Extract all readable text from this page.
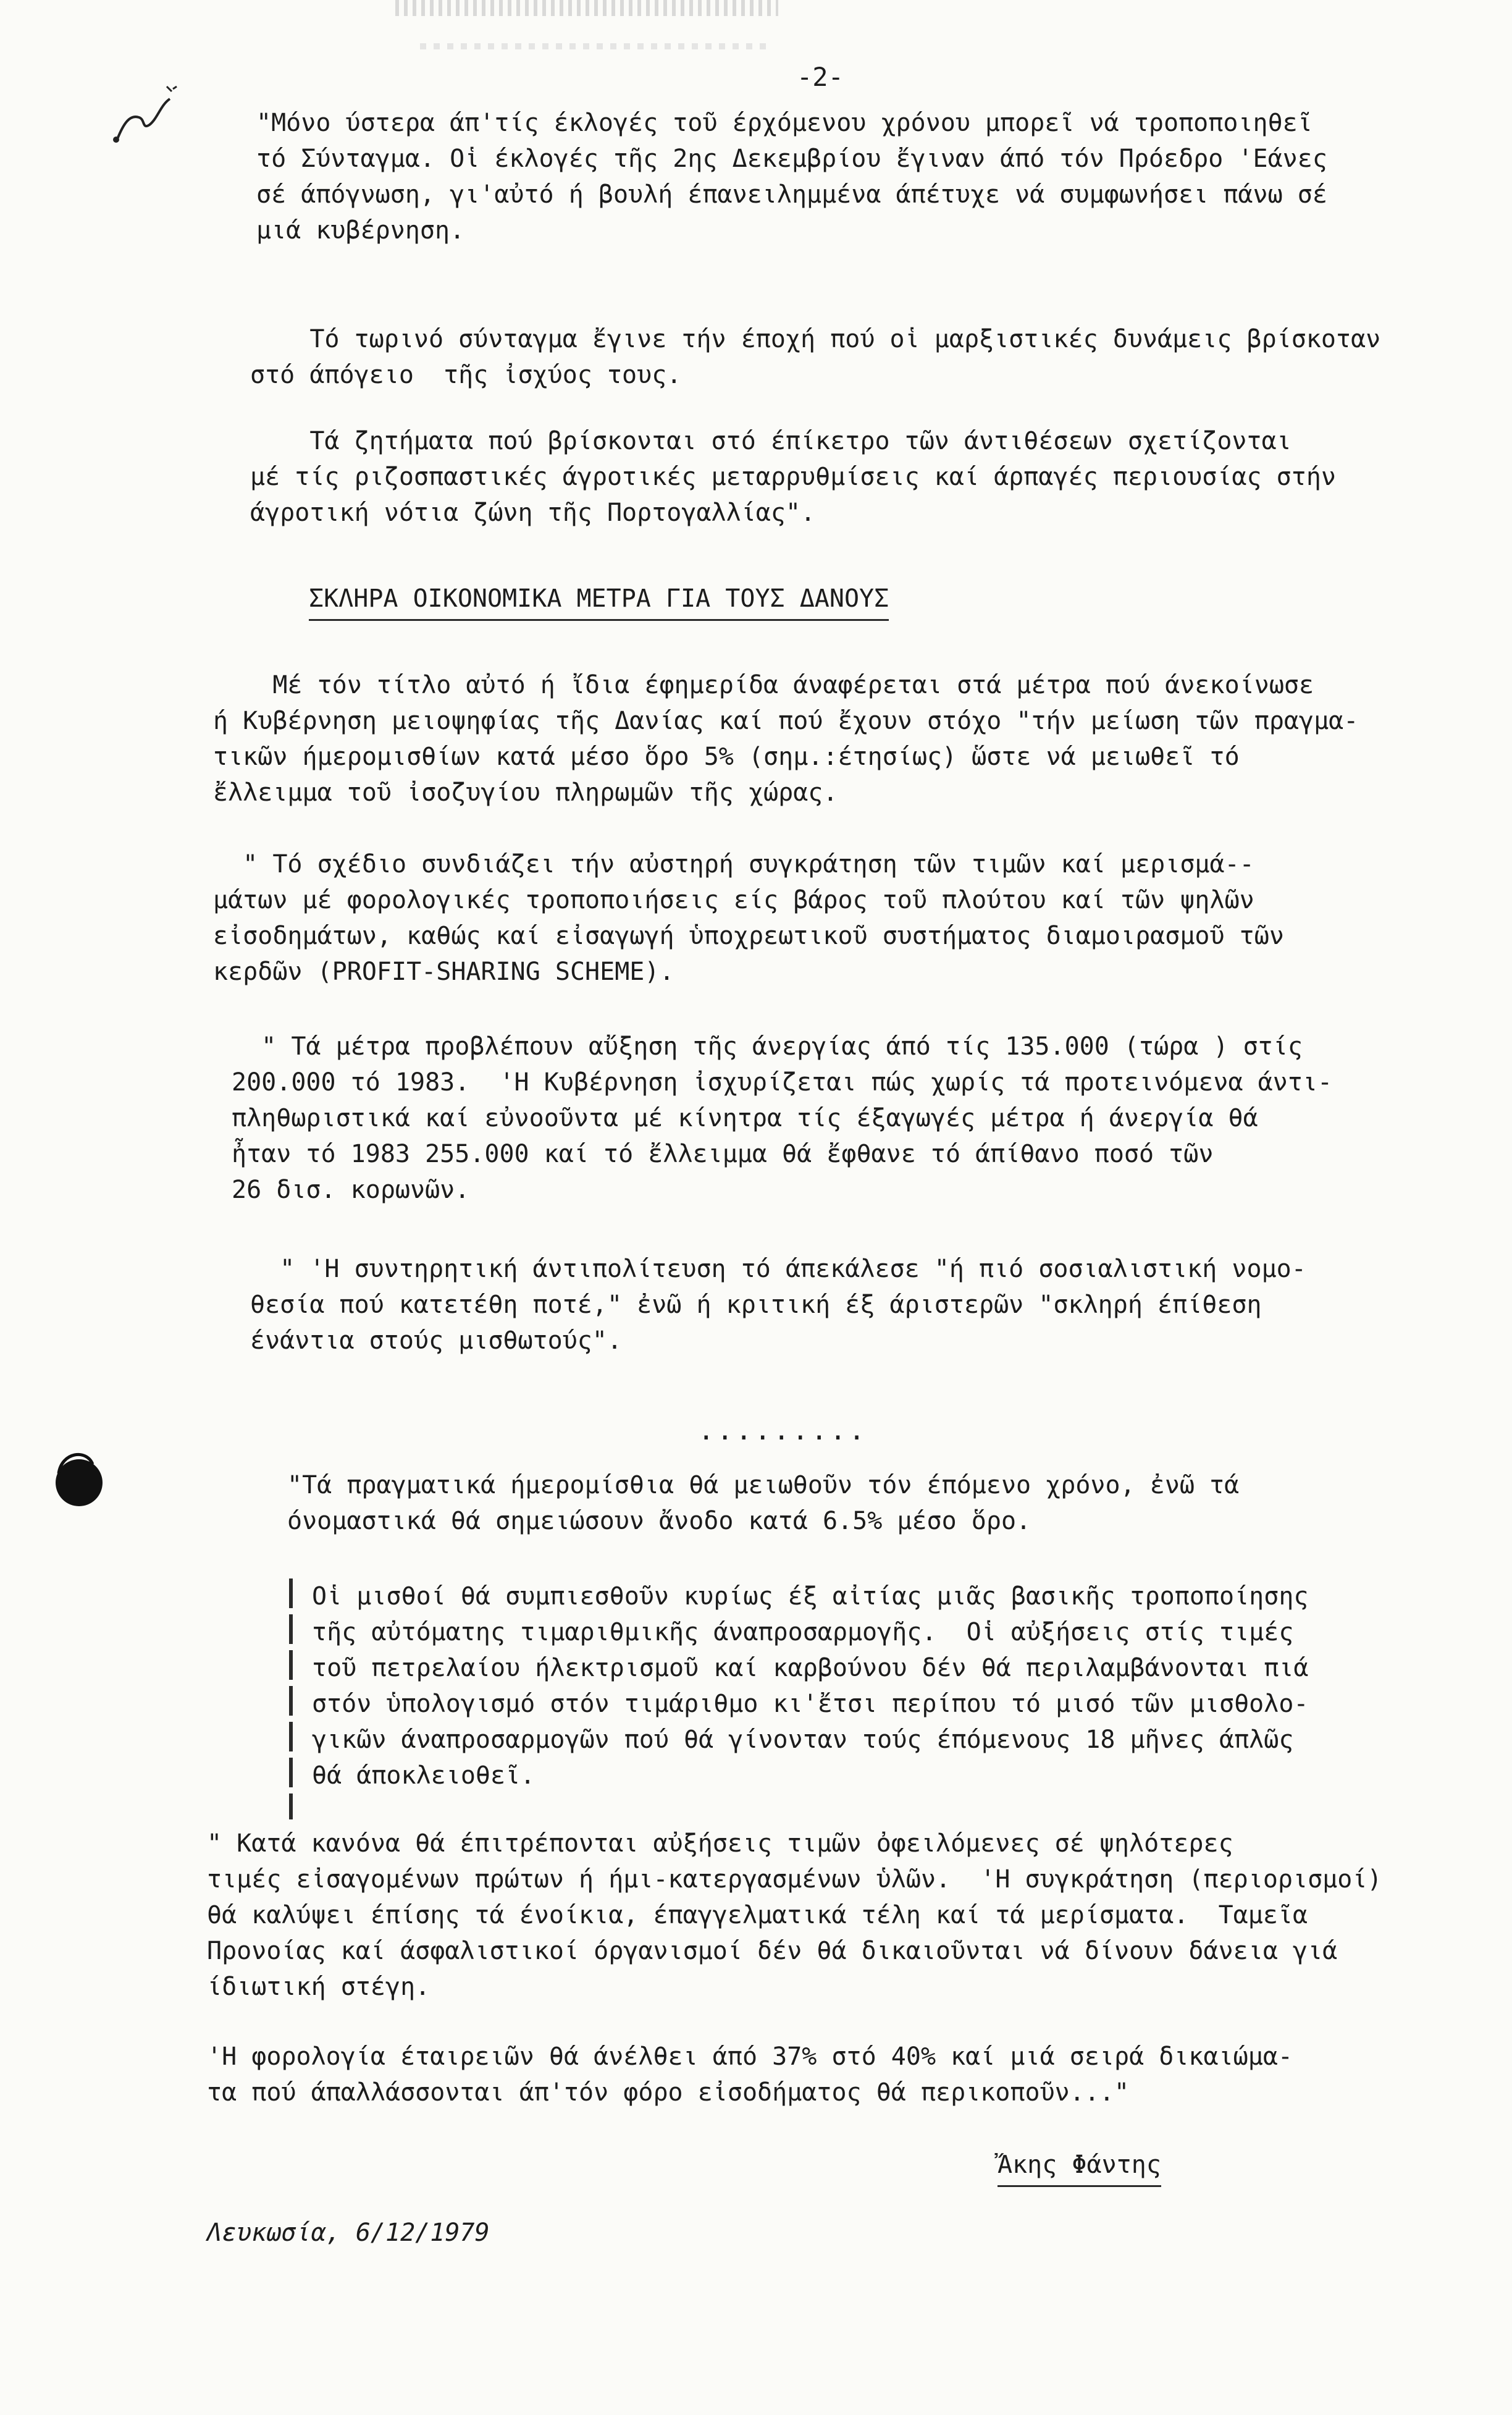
-2-

"Μόνο ύστερα άπ'τίς έκλογές τοῦ έρχόμενου χρόνου μπορεῖ νά τροποποιηθεῖ
τό Σύνταγμα. Οἱ έκλογές τῆς 2ης Δεκεμβρίου ἔγιναν άπό τόν Πρόεδρο 'Εάνες
σέ άπόγνωση, γι'αὐτό ή βουλή έπανειλημμένα άπέτυχε νά συμφωνήσει πάνω σέ
μιά κυβέρνηση.

Τό τωρινό σύνταγμα ἔγινε τήν έποχή πού οἱ μαρξιστικές δυνάμεις βρίσκοταν
στό άπόγειο  τῆς ἰσχύος τους.

Τά ζητήματα πού βρίσκονται στό έπίκετρο τῶν άντιθέσεων σχετίζονται
μέ τίς ριζοσπαστικές άγροτικές μεταρρυθμίσεις καί άρπαγές περιουσίας στήν
άγροτική νότια ζώνη τῆς Πορτογαλλίας".

ΣΚΛΗΡΑ ΟΙΚΟΝΟΜΙΚΑ ΜΕΤΡΑ ΓΙΑ ΤΟΥΣ ΔΑΝΟΥΣ

Μέ τόν τίτλο αὐτό ή ἴδια έφημερίδα άναφέρεται στά μέτρα πού άνεκοίνωσε
ή Κυβέρνηση μειοψηφίας τῆς Δανίας καί πού ἔχουν στόχο "τήν μείωση τῶν πραγμα-
τικῶν ήμερομισθίων κατά μέσο ὅρο 5% (σημ.:έτησίως) ὥστε νά μειωθεῖ τό
ἔλλειμμα τοῦ ἰσοζυγίου πληρωμῶν τῆς χώρας.

" Τό σχέδιο συνδιάζει τήν αὐστηρή συγκράτηση τῶν τιμῶν καί μερισμά--
μάτων μέ φορολογικές τροποποιήσεις είς βάρος τοῦ πλούτου καί τῶν ψηλῶν
εἰσοδημάτων, καθώς καί εἰσαγωγή ὑποχρεωτικοῦ συστήματος διαμοιρασμοῦ τῶν
κερδῶν (PROFIT-SHARING SCHEME).

" Τά μέτρα προβλέπουν αὔξηση τῆς άνεργίας άπό τίς 135.000 (τώρα ) στίς
200.000 τό 1983.  'Η Κυβέρνηση ἰσχυρίζεται πώς χωρίς τά προτεινόμενα άντι-
πληθωριστικά καί εὐνοοῦντα μέ κίνητρα τίς έξαγωγές μέτρα ή άνεργία θά
ἦταν τό 1983 255.000 καί τό ἔλλειμμα θά ἔφθανε τό άπίθανο ποσό τῶν
26 δισ. κορωνῶν.

" 'Η συντηρητική άντιπολίτευση τό άπεκάλεσε "ή πιό σοσιαλιστική νομο-
θεσία πού κατετέθη ποτέ," ἐνῶ ή κριτική έξ άριστερῶν "σκληρή έπίθεση
ένάντια στούς μισθωτούς".

.........

"Τά πραγματικά ήμερομίσθια θά μειωθοῦν τόν έπόμενο χρόνο, ἐνῶ τά
όνομαστικά θά σημειώσουν ἄνοδο κατά 6.5% μέσο ὅρο.

Οἱ μισθοί θά συμπιεσθοῦν κυρίως έξ αἰτίας μιᾶς βασικῆς τροποποίησης
τῆς αὐτόματης τιμαριθμικῆς άναπροσαρμογῆς.  Οἱ αὐξήσεις στίς τιμές
τοῦ πετρελαίου ήλεκτρισμοῦ καί καρβούνου δέν θά περιλαμβάνονται πιά
στόν ὑπολογισμό στόν τιμάριθμο κι'ἔτσι περίπου τό μισό τῶν μισθολο-
γικῶν άναπροσαρμογῶν πού θά γίνονταν τούς έπόμενους 18 μῆνες άπλῶς
θά άποκλειοθεῖ.

" Κατά κανόνα θά έπιτρέπονται αὐξήσεις τιμῶν ὀφειλόμενες σέ ψηλότερες
τιμές εἰσαγομένων πρώτων ή ήμι-κατεργασμένων ὑλῶν.  'Η συγκράτηση (περιορισμοί)
θά καλύψει έπίσης τά ένοίκια, έπαγγελματικά τέλη καί τά μερίσματα.  Ταμεῖα
Προνοίας καί άσφαλιστικοί όργανισμοί δέν θά δικαιοῦνται νά δίνουν δάνεια γιά
ίδιωτική στέγη.

'Η φορολογία έταιρειῶν θά άνέλθει άπό 37% στό 40% καί μιά σειρά δικαιώμα-
τα πού άπαλλάσσονται άπ'τόν φόρο εἰσοδήματος θά περικοποῦν..."

Ἄκης Φάντης
Λευκωσία, 6/12/1979
